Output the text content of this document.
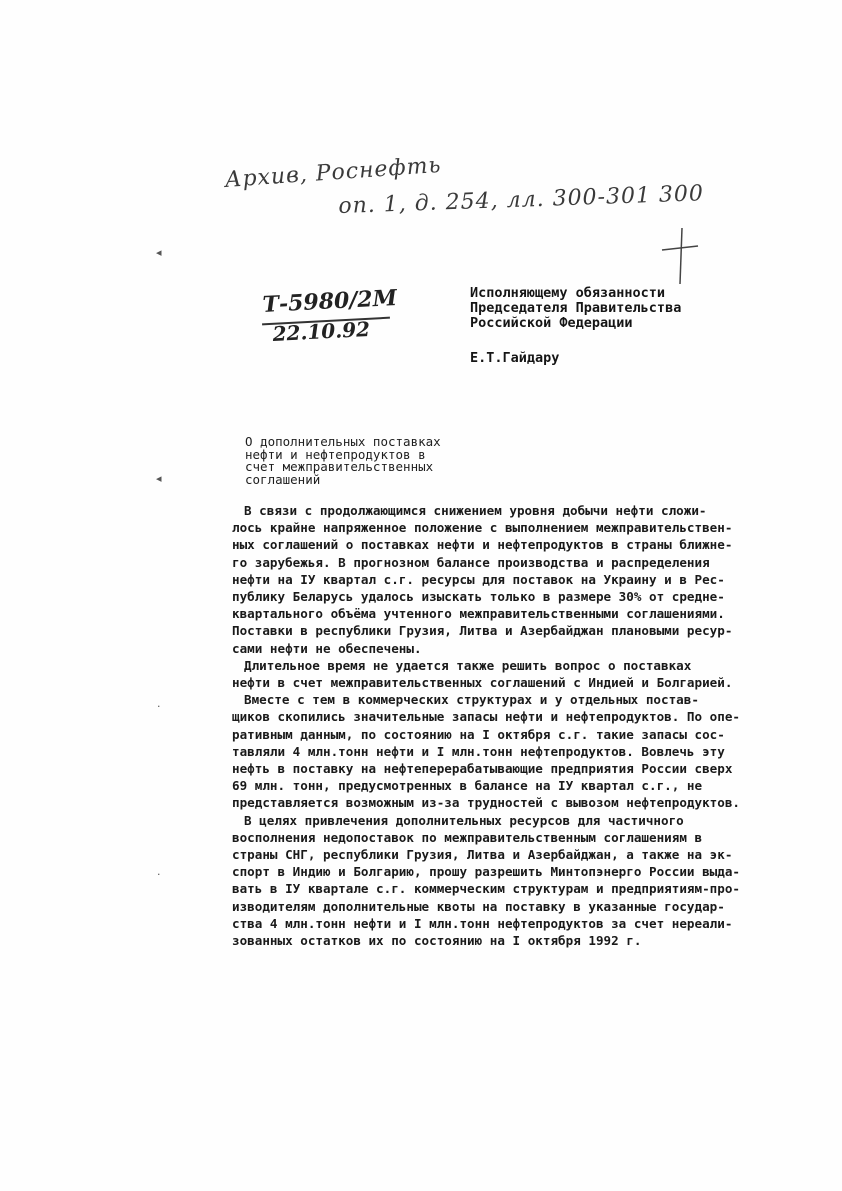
Архив, Роснефть
оп. 1, д. 254, лл. 300-301 300
Т-5980/2М
22.10.92
◂
◂
·
·
Исполняющему обязанности
Председателя Правительства
Российской Федерации
Е.Т.Гайдару
О дополнительных поставках
нефти и нефтепродуктов в
счет межправительственных
соглашений
В связи с продолжающимся снижением уровня добычи нефти сложи-
лось крайне напряженное положение с выполнением межправительствен-
ных соглашений о поставках нефти и нефтепродуктов в страны ближне-
го зарубежья. В прогнозном балансе производства и распределения
нефти на IУ квартал с.г. ресурсы для поставок на Украину и в Рес-
публику Беларусь удалось изыскать только в размере 30% от средне-
квартального объёма учтенного межправительственными соглашениями.
Поставки в республики Грузия, Литва и Азербайджан плановыми ресур-
сами нефти не обеспечены.
Длительное время не удается также решить вопрос о поставках
нефти в счет межправительственных соглашений с Индией и Болгарией.
Вместе с тем в коммерческих структурах и у отдельных постав-
щиков скопились значительные запасы нефти и нефтепродуктов. По опе-
ративным данным, по состоянию на I октября с.г. такие запасы сос-
тавляли 4 млн.тонн нефти и I млн.тонн нефтепродуктов. Вовлечь эту
нефть в поставку на нефтеперерабатывающие предприятия России сверх
69 млн. тонн, предусмотренных в балансе на IУ квартал с.г., не
представляется возможным из-за трудностей с вывозом нефтепродуктов.
В целях привлечения дополнительных ресурсов для частичного
восполнения недопоставок по межправительственным соглашениям в
страны СНГ, республики Грузия, Литва и Азербайджан, а также на эк-
спорт в Индию и Болгарию, прошу разрешить Минтопэнерго России выда-
вать в IУ квартале с.г. коммерческим структурам и предприятиям-про-
изводителям дополнительные квоты на поставку в указанные государ-
ства 4 млн.тонн нефти и I млн.тонн нефтепродуктов за счет нереали-
зованных остатков их по состоянию на I октября 1992 г.
